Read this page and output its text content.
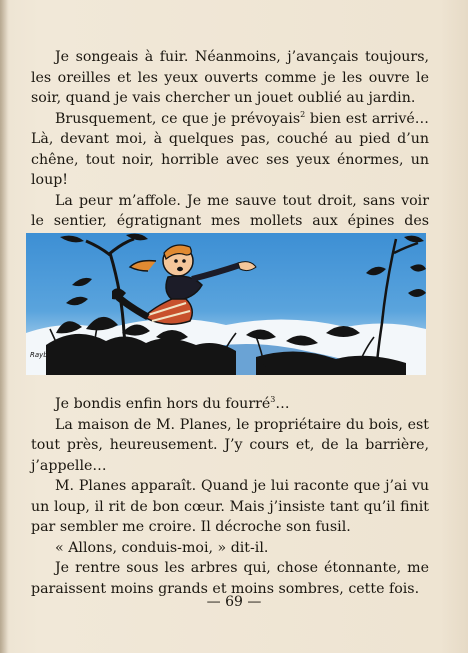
Je songeais à fuir. Néanmoins, j’avançais toujours, les oreilles et les yeux ouverts comme je les ouvre le soir, quand je vais chercher un jouet oublié au jardin.

Brusquement, ce que je prévoyais$^2$ bien est arrivé… Là, devant moi, à quelques pas, couché au pied d’un chêne, tout noir, horrible avec ses yeux énormes, un loup!

La peur m’affole. Je me sauve tout droit, sans voir le sentier, égratignant mes mollets aux épines des

Rayb

Je bondis enfin hors du fourré$^3$…

La maison de M. Planes, le propriétaire du bois, est tout près, heureusement. J’y cours et, de la barrière, j’appelle…

M. Planes apparaît. Quand je lui raconte que j’ai vu un loup, il rit de bon cœur. Mais j’insiste tant qu’il finit par sembler me croire. Il décroche son fusil.

« Allons, conduis-moi, » dit-il.

Je rentre sous les arbres qui, chose étonnante, me paraissent moins grands et moins sombres, cette fois.

— 69 —
